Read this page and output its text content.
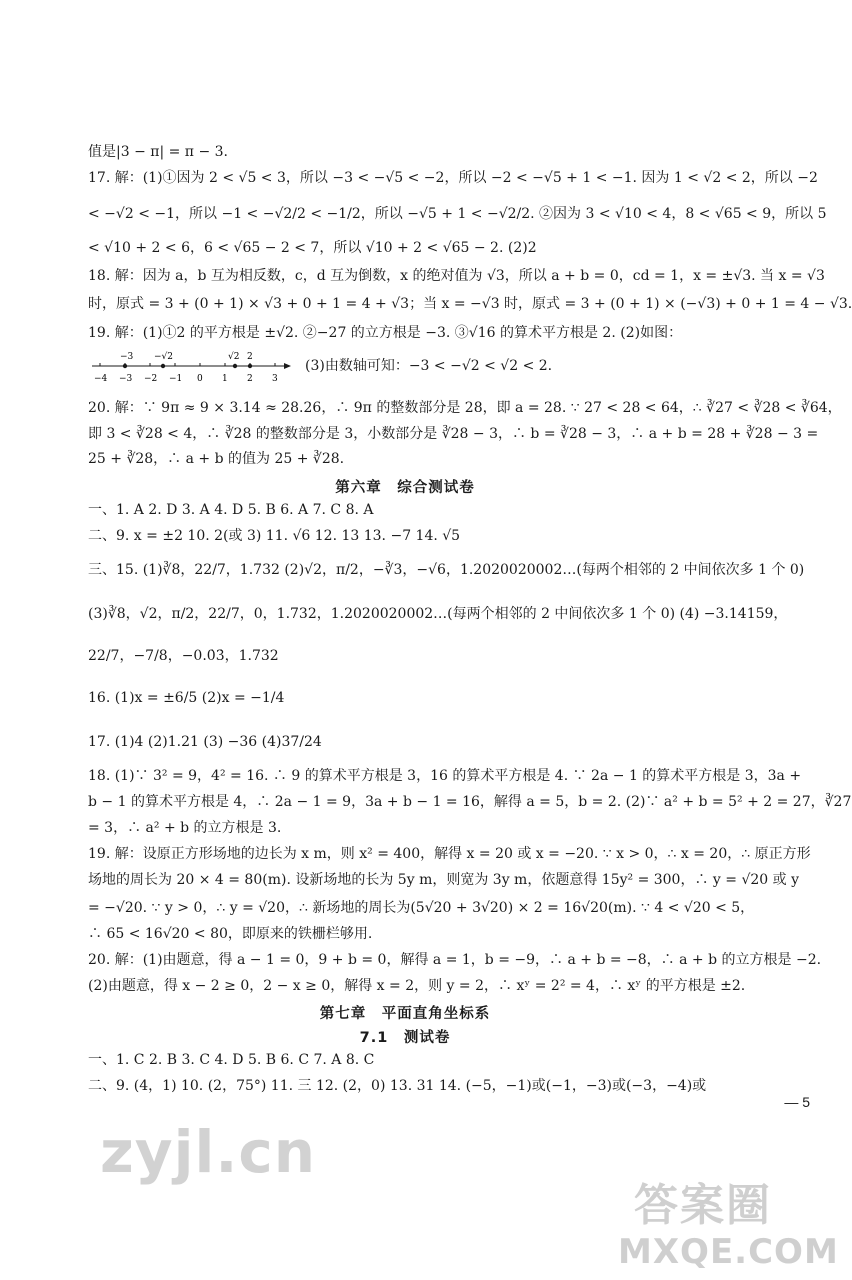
值是|3 − π| = π − 3.
17. 解：(1)①因为 2 < √5 < 3，所以 −3 < −√5 < −2，所以 −2 < −√5 + 1 < −1. 因为 1 < √2 < 2，所以 −2
< −√2 < −1，所以 −1 < −√2/2 < −1/2，所以 −√5 + 1 < −√2/2. ②因为 3 < √10 < 4，8 < √65 < 9，所以 5
< √10 + 2 < 6，6 < √65 − 2 < 7，所以 √10 + 2 < √65 − 2. (2)2
18. 解：因为 a，b 互为相反数，c，d 互为倒数，x 的绝对值为 √3，所以 a + b = 0，cd = 1，x = ±√3. 当 x = √3
时，原式 = 3 + (0 + 1) × √3 + 0 + 1 = 4 + √3；当 x = −√3 时，原式 = 3 + (0 + 1) × (−√3) + 0 + 1 = 4 − √3.
19. 解：(1)①2 的平方根是 ±√2. ②−27 的立方根是 −3. ③√16 的算术平方根是 2. (2)如图：
−3 −√2	√2 2
−4 −3 −2 −1 0 1 2 3
(3)由数轴可知：−3 < −√2 < √2 < 2.
20. 解：∵ 9π ≈ 9 × 3.14 ≈ 28.26，∴ 9π 的整数部分是 28，即 a = 28. ∵ 27 < 28 < 64，∴ ∛27 < ∛28 < ∛64，
即 3 < ∛28 < 4，∴ ∛28 的整数部分是 3，小数部分是 ∛28 − 3，∴ b = ∛28 − 3，∴ a + b = 28 + ∛28 − 3 =
25 + ∛28，∴ a + b 的值为 25 + ∛28.
第六章　综合测试卷
一、1. A 2. D 3. A 4. D 5. B 6. A 7. C 8. A
二、9. x = ±2 10. 2(或 3) 11. √6 12. 13 13. −7 14. √5
三、15. (1)∛8，22/7，1.732 (2)√2，π/2，−∛3，−√6，1.2020020002…(每两个相邻的 2 中间依次多 1 个 0)
(3)∛8，√2，π/2，22/7，0，1.732，1.2020020002…(每两个相邻的 2 中间依次多 1 个 0) (4) −3.14159，
22/7，−7/8，−0.0̇3̇，1.732
16. (1)x = ±6/5 (2)x = −1/4
17. (1)4 (2)1.21 (3) −36 (4)37/24
18. (1)∵ 3² = 9，4² = 16. ∴ 9 的算术平方根是 3，16 的算术平方根是 4. ∵ 2a − 1 的算术平方根是 3，3a +
b − 1 的算术平方根是 4，∴ 2a − 1 = 9，3a + b − 1 = 16，解得 a = 5，b = 2. (2)∵ a² + b = 5² + 2 = 27，∛27
= 3，∴ a² + b 的立方根是 3.
19. 解：设原正方形场地的边长为 x m，则 x² = 400，解得 x = 20 或 x = −20. ∵ x > 0，∴ x = 20，∴ 原正方形
场地的周长为 20 × 4 = 80(m). 设新场地的长为 5y m，则宽为 3y m，依题意得 15y² = 300，∴ y = √20 或 y
= −√20. ∵ y > 0，∴ y = √20，∴ 新场地的周长为(5√20 + 3√20) × 2 = 16√20(m). ∵ 4 < √20 < 5，
∴ 65 < 16√20 < 80，即原来的铁栅栏够用.
20. 解：(1)由题意，得 a − 1 = 0，9 + b = 0，解得 a = 1，b = −9，∴ a + b = −8，∴ a + b 的立方根是 −2.
(2)由题意，得 x − 2 ≥ 0，2 − x ≥ 0，解得 x = 2，则 y = 2，∴ xʸ = 2² = 4，∴ xʸ 的平方根是 ±2.
第七章　平面直角坐标系
7.1　测试卷
一、1. C 2. B 3. C 4. D 5. B 6. C 7. A 8. C
二、9. (4，1) 10. (2，75°) 11. 三 12. (2，0) 13. 31 14. (−5，−1)或(−1，−3)或(−3，−4)或
— 5
zyjl.cn
答案圈
MXQE.COM
